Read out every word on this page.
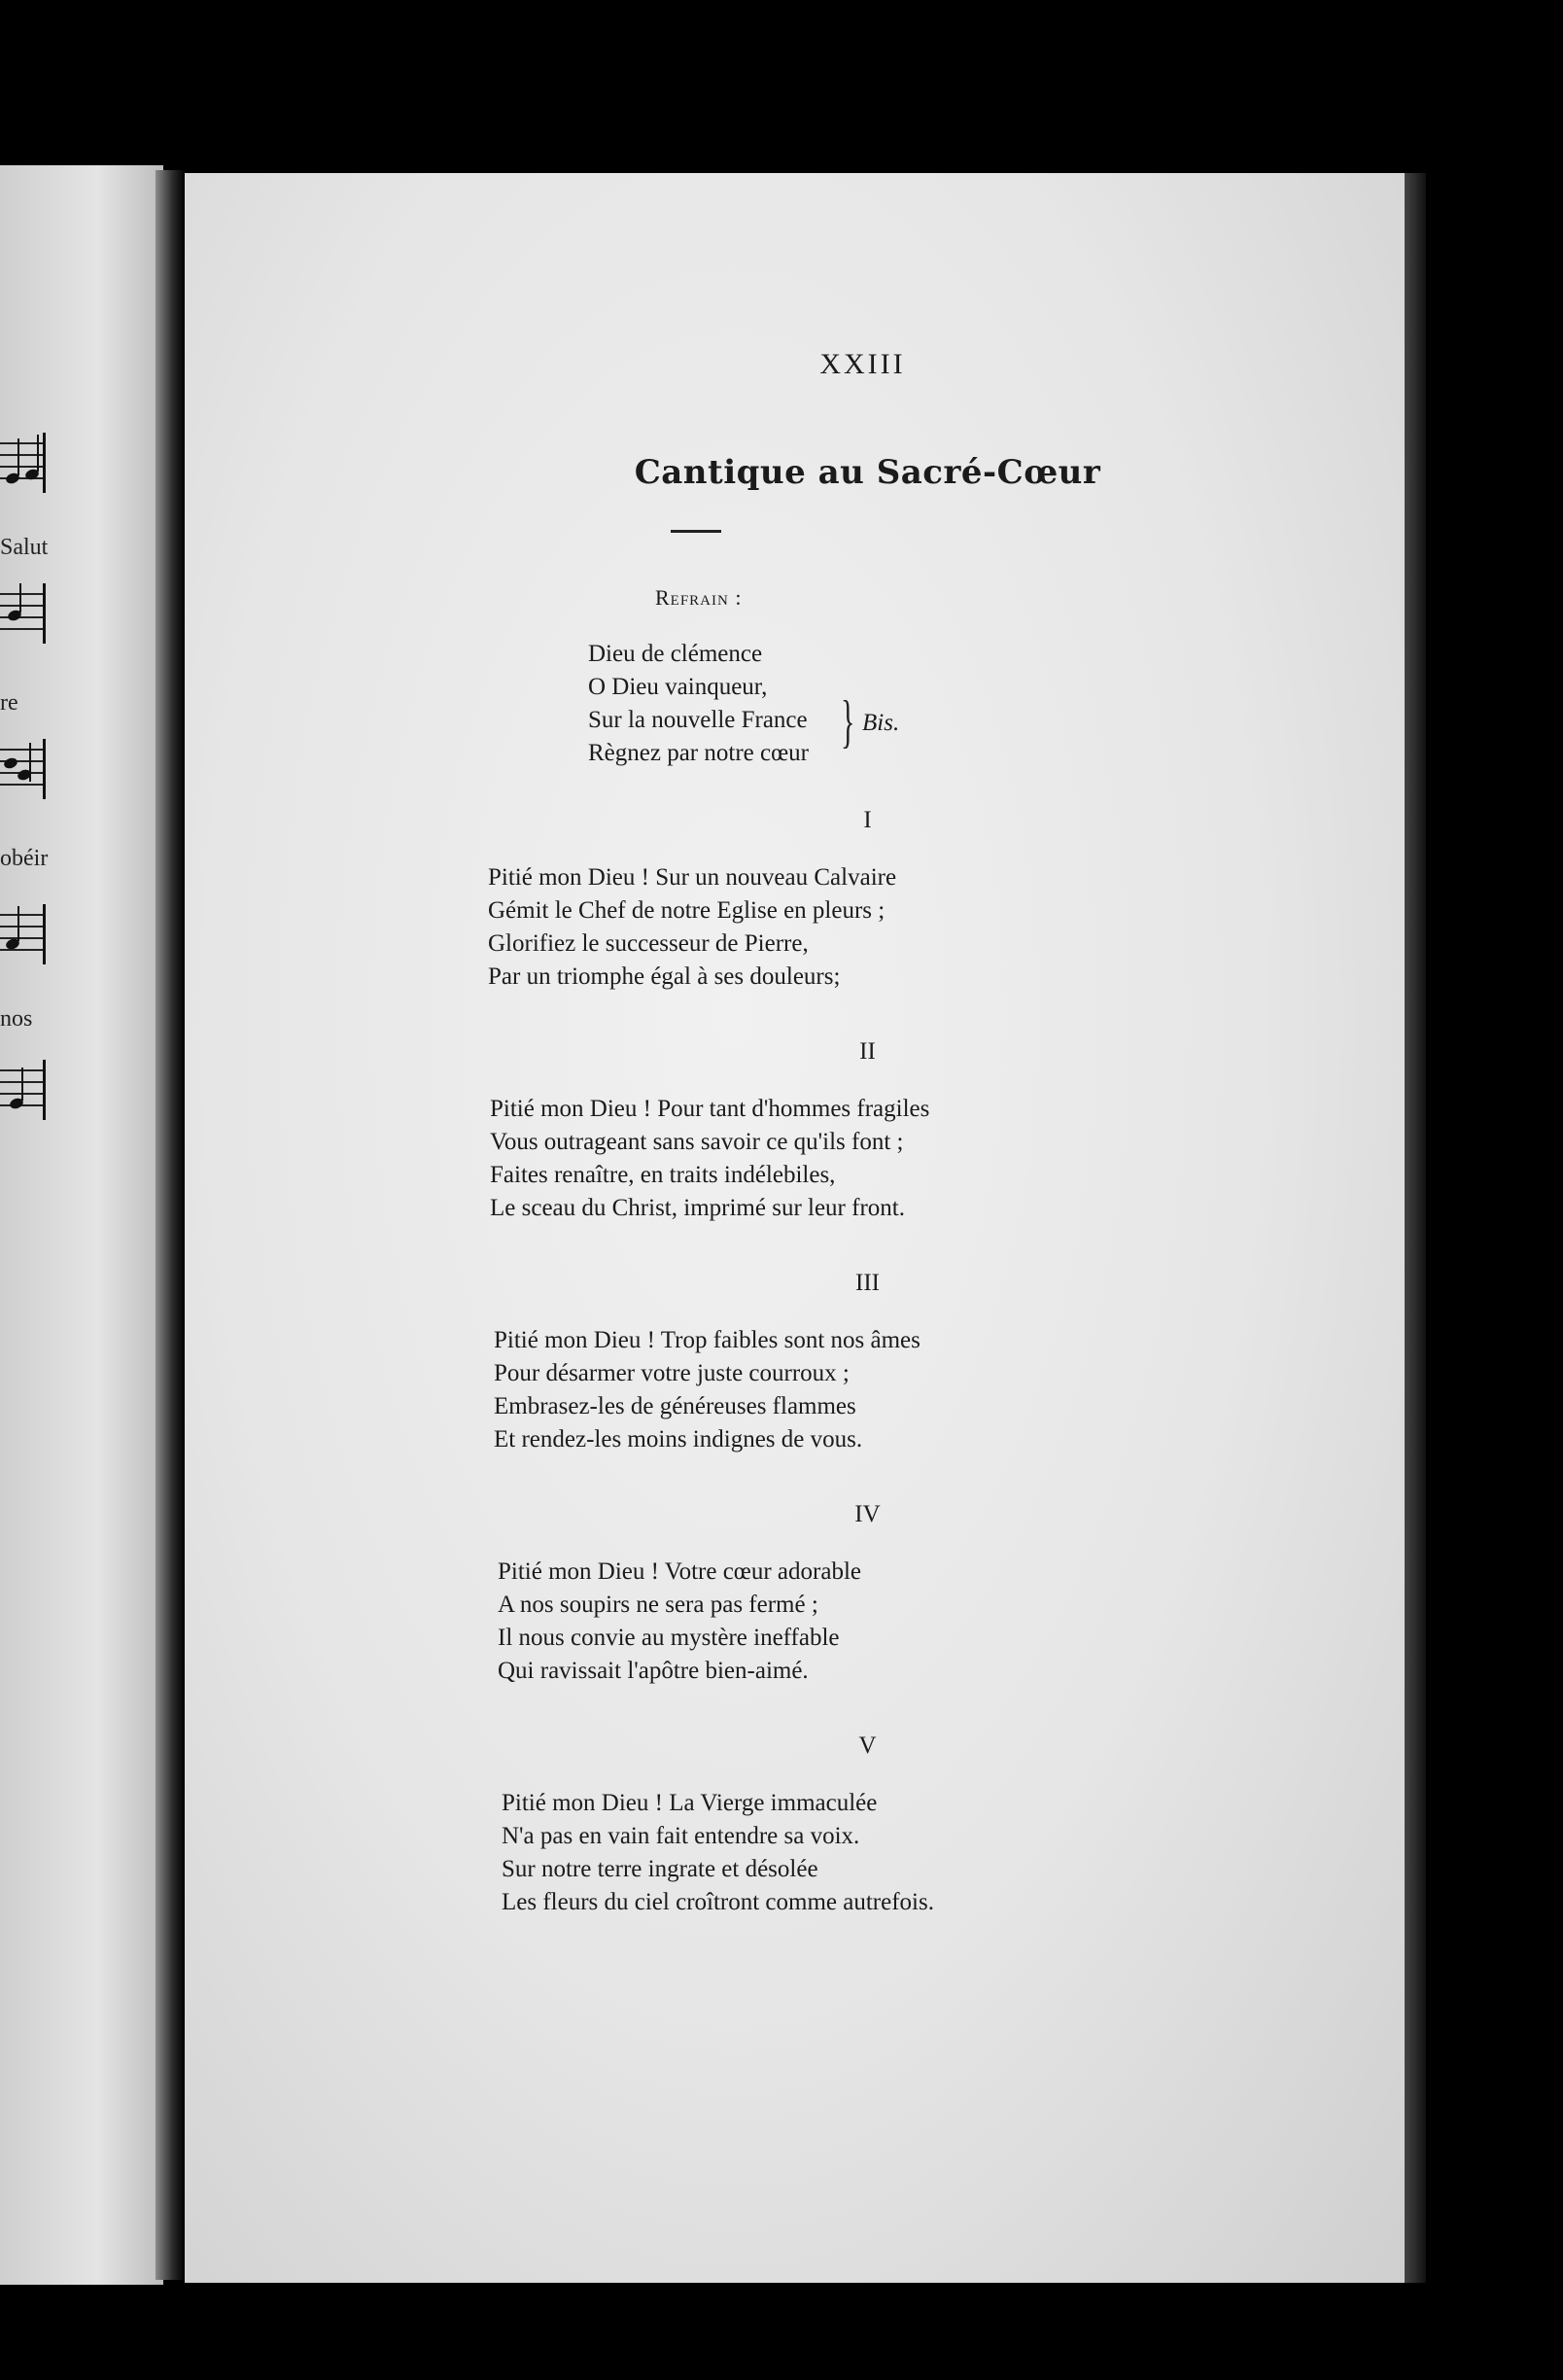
Salut
re
obéir
nos
XXIII
Cantique au Sacré-Cœur
Refrain :
Dieu de clémence
O Dieu vainqueur,
Sur la nouvelle France
Règnez par notre cœur } Bis.
I
Pitié mon Dieu ! Sur un nouveau Calvaire
Gémit le Chef de notre Eglise en pleurs ;
Glorifiez le successeur de Pierre,
Par un triomphe égal à ses douleurs;
II
Pitié mon Dieu ! Pour tant d'hommes fragiles
Vous outrageant sans savoir ce qu'ils font ;
Faites renaître, en traits indélebiles,
Le sceau du Christ, imprimé sur leur front.
III
Pitié mon Dieu ! Trop faibles sont nos âmes
Pour désarmer votre juste courroux ;
Embrasez-les de généreuses flammes
Et rendez-les moins indignes de vous.
IV
Pitié mon Dieu ! Votre cœur adorable
A nos soupirs ne sera pas fermé ;
Il nous convie au mystère ineffable
Qui ravissait l'apôtre bien-aimé.
V
Pitié mon Dieu ! La Vierge immaculée
N'a pas en vain fait entendre sa voix.
Sur notre terre ingrate et désolée
Les fleurs du ciel croîtront comme autrefois.
